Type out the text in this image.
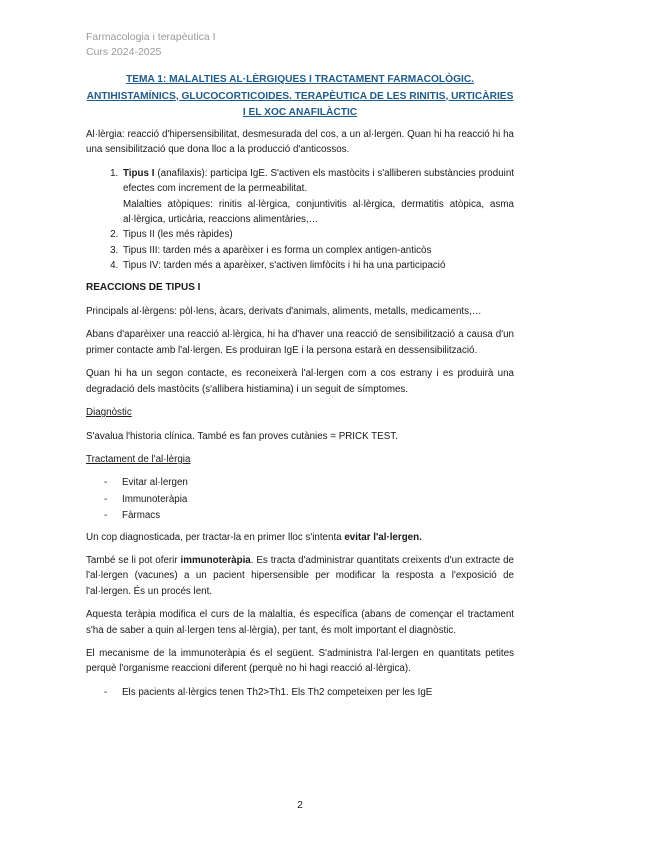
Farmacologia i terapèutica I
Curs 2024-2025
TEMA 1: MALALTIES AL·LÈRGIQUES I TRACTAMENT FARMACOLÒGIC.
ANTIHISTAMÍNICS, GLUCOCORTICOIDES. TERAPÈUTICA DE LES RINITIS, URTICÀRIES
I EL XOC ANAFILÀCTIC

Al·lèrgia: reacció d'hipersensibilitat, desmesurada del cos, a un al·lergen. Quan hi ha reacció hi ha una sensibilització que dona lloc a la producció d'anticossos.

1. Tipus I (anafilaxis): participa IgE. S'activen els mastòcits i s'alliberen substàncies produint efectes com increment de la permeabilitat.
Malalties atòpiques: rinitis al·lèrgica, conjuntivitis al·lèrgica, dermatitis atòpica, asma al·lèrgica, urticària, reaccions alimentàries,…
2. Tipus II (les més ràpides)
3. Tipus III: tarden més a aparèixer i es forma un complex antigen-anticòs
4. Tipus IV: tarden més a aparèixer, s'activen limfòcits i hi ha una participació
REACCIONS DE TIPUS I

Principals al·lèrgens: pòl·lens, àcars, derivats d'animals, aliments, metalls, medicaments,…

Abans d'aparèixer una reacció al·lèrgica, hi ha d'haver una reacció de sensibilització a causa d'un primer contacte amb l'al·lergen. Es produiran IgE i la persona estarà en dessensibilització.

Quan hi ha un segon contacte, es reconeixerà l'al·lergen com a cos estrany i es produirà una degradació dels mastòcits (s'allibera histiamina) i un seguit de símptomes.

Diagnòstic

S'avalua l'historia clínica. També es fan proves cutànies = PRICK TEST.

Tractament de l'al·lèrgia

- Evitar al·lergen
- Immunoteràpia
- Fàrmacs

Un cop diagnosticada, per tractar-la en primer lloc s'intenta evitar l'al·lergen.

També se li pot oferir immunoteràpia. Es tracta d'administrar quantitats creixents d'un extracte de l'al·lergen (vacunes) a un pacient hipersensible per modificar la resposta a l'exposició de l'al·lergen. És un procés lent.

Aquesta teràpia modifica el curs de la malaltia, és específica (abans de començar el tractament s'ha de saber a quin al·lergen tens al·lèrgia), per tant, és molt important el diagnòstic.

El mecanisme de la immunoteràpia és el següent. S'administra l'al·lergen en quantitats petites perquè l'organisme reaccioni diferent (perquè no hi hagi reacció al·lèrgica).

- Els pacients al·lèrgics tenen Th2>Th1. Els Th2 competeixen per les IgE
2
